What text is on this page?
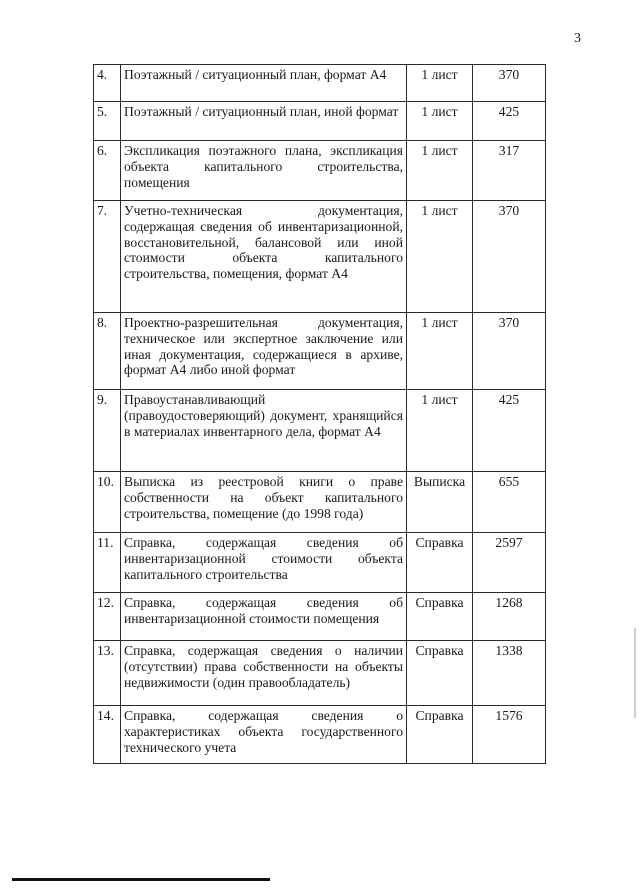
3
4.	Поэтажный / ситуационный план, формат А4	1 лист	370
5.	Поэтажный / ситуационный план, иной формат	1 лист	425
6.	Экспликация поэтажного плана, экспликация объекта капитального строительства, помещения	1 лист	317
7.	Учетно-техническая документация, содержащая сведения об инвентаризационной, восстановительной, балансовой или иной стоимости объекта капитального строительства, помещения, формат А4	1 лист	370
8.	Проектно-разрешительная документация, техническое или экспертное заключение или иная документация, содержащиеся в архиве, формат А4 либо иной формат	1 лист	370
9.	Правоустанавливающий (правоудостоверяющий) документ, хранящийся в материалах инвентарного дела, формат А4	1 лист	425
10.	Выписка из реестровой книги о праве собственности на объект капитального строительства, помещение (до 1998 года)	Выписка	655
11.	Справка, содержащая сведения об инвентаризационной стоимости объекта капитального строительства	Справка	2597
12.	Справка, содержащая сведения об инвентаризационной стоимости помещения	Справка	1268
13.	Справка, содержащая сведения о наличии (отсутствии) права собственности на объекты недвижимости (один правообладатель)	Справка	1338
14.	Справка, содержащая сведения о характеристиках объекта государственного технического учета	Справка	1576
